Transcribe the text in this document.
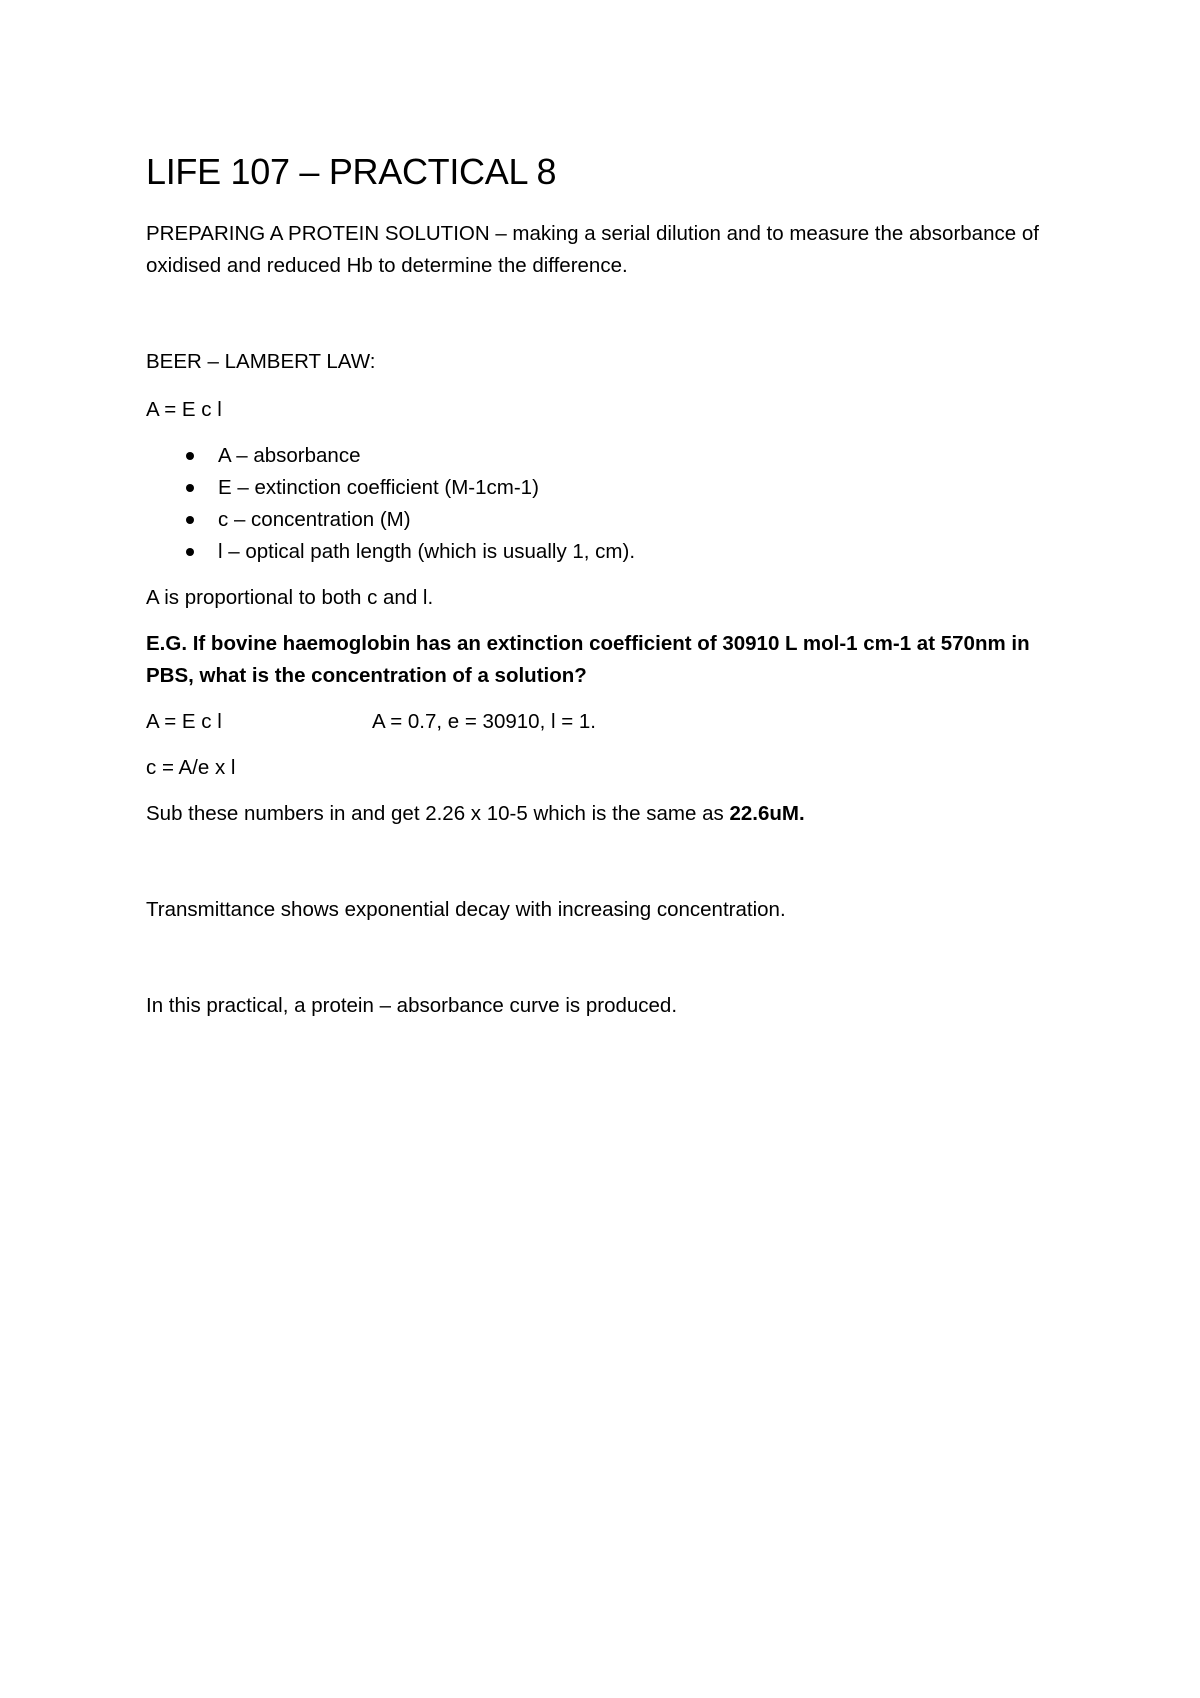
LIFE 107 – PRACTICAL 8

PREPARING A PROTEIN SOLUTION – making a serial dilution and to measure the absorbance of oxidised and reduced Hb to determine the difference.

BEER – LAMBERT LAW:

A = E c l

A – absorbance
E – extinction coefficient (M-1cm-1)
c – concentration (M)
l – optical path length (which is usually 1, cm).

A is proportional to both c and l.

E.G. If bovine haemoglobin has an extinction coefficient of 30910 L mol-1 cm-1 at 570nm in PBS, what is the concentration of a solution?

A = E c l	A = 0.7, e = 30910, l = 1.

c = A/e x l

Sub these numbers in and get 2.26 x 10-5 which is the same as 22.6uM.

Transmittance shows exponential decay with increasing concentration.

In this practical, a protein – absorbance curve is produced.
